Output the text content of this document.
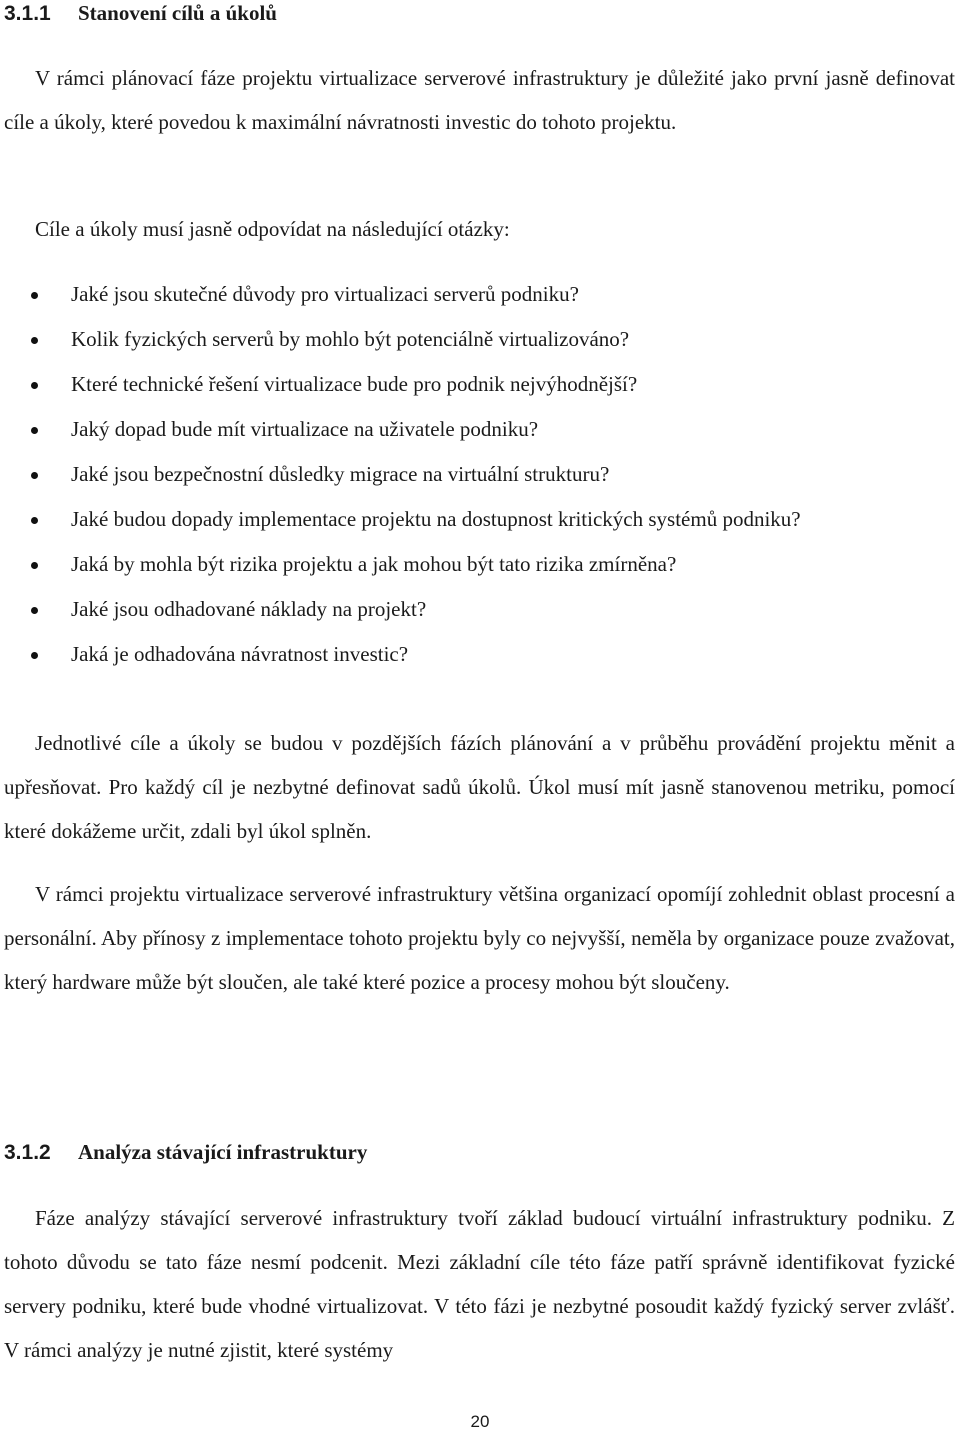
3.1.1 Stanovení cílů a úkolů

V rámci plánovací fáze projektu virtualizace serverové infrastruktury je důležité jako první jasně definovat cíle a úkoly, které povedou k maximální návratnosti investic do tohoto projektu.

Cíle a úkoly musí jasně odpovídat na následující otázky:

Jaké jsou skutečné důvody pro virtualizaci serverů podniku?
Kolik fyzických serverů by mohlo být potenciálně virtualizováno?
Které technické řešení virtualizace bude pro podnik nejvýhodnější?
Jaký dopad bude mít virtualizace na uživatele podniku?
Jaké jsou bezpečnostní důsledky migrace na virtuální strukturu?
Jaké budou dopady implementace projektu na dostupnost kritických systémů podniku?
Jaká by mohla být rizika projektu a jak mohou být tato rizika zmírněna?
Jaké jsou odhadované náklady na projekt?
Jaká je odhadována návratnost investic?

Jednotlivé cíle a úkoly se budou v pozdějších fázích plánování a v průběhu provádění projektu měnit a upřesňovat. Pro každý cíl je nezbytné definovat sadů úkolů. Úkol musí mít jasně stanovenou metriku, pomocí které dokážeme určit, zdali byl úkol splněn.

V rámci projektu virtualizace serverové infrastruktury většina organizací opomíjí zohlednit oblast procesní a personální. Aby přínosy z implementace tohoto projektu byly co nejvyšší, neměla by organizace pouze zvažovat, který hardware může být sloučen, ale také které pozice a procesy mohou být sloučeny.

3.1.2 Analýza stávající infrastruktury

Fáze analýzy stávající serverové infrastruktury tvoří základ budoucí virtuální infrastruktury podniku. Z tohoto důvodu se tato fáze nesmí podcenit. Mezi základní cíle této fáze patří správně identifikovat fyzické servery podniku, které bude vhodné virtualizovat. V této fázi je nezbytné posoudit každý fyzický server zvlášť. V rámci analýzy je nutné zjistit, které systémy

20
